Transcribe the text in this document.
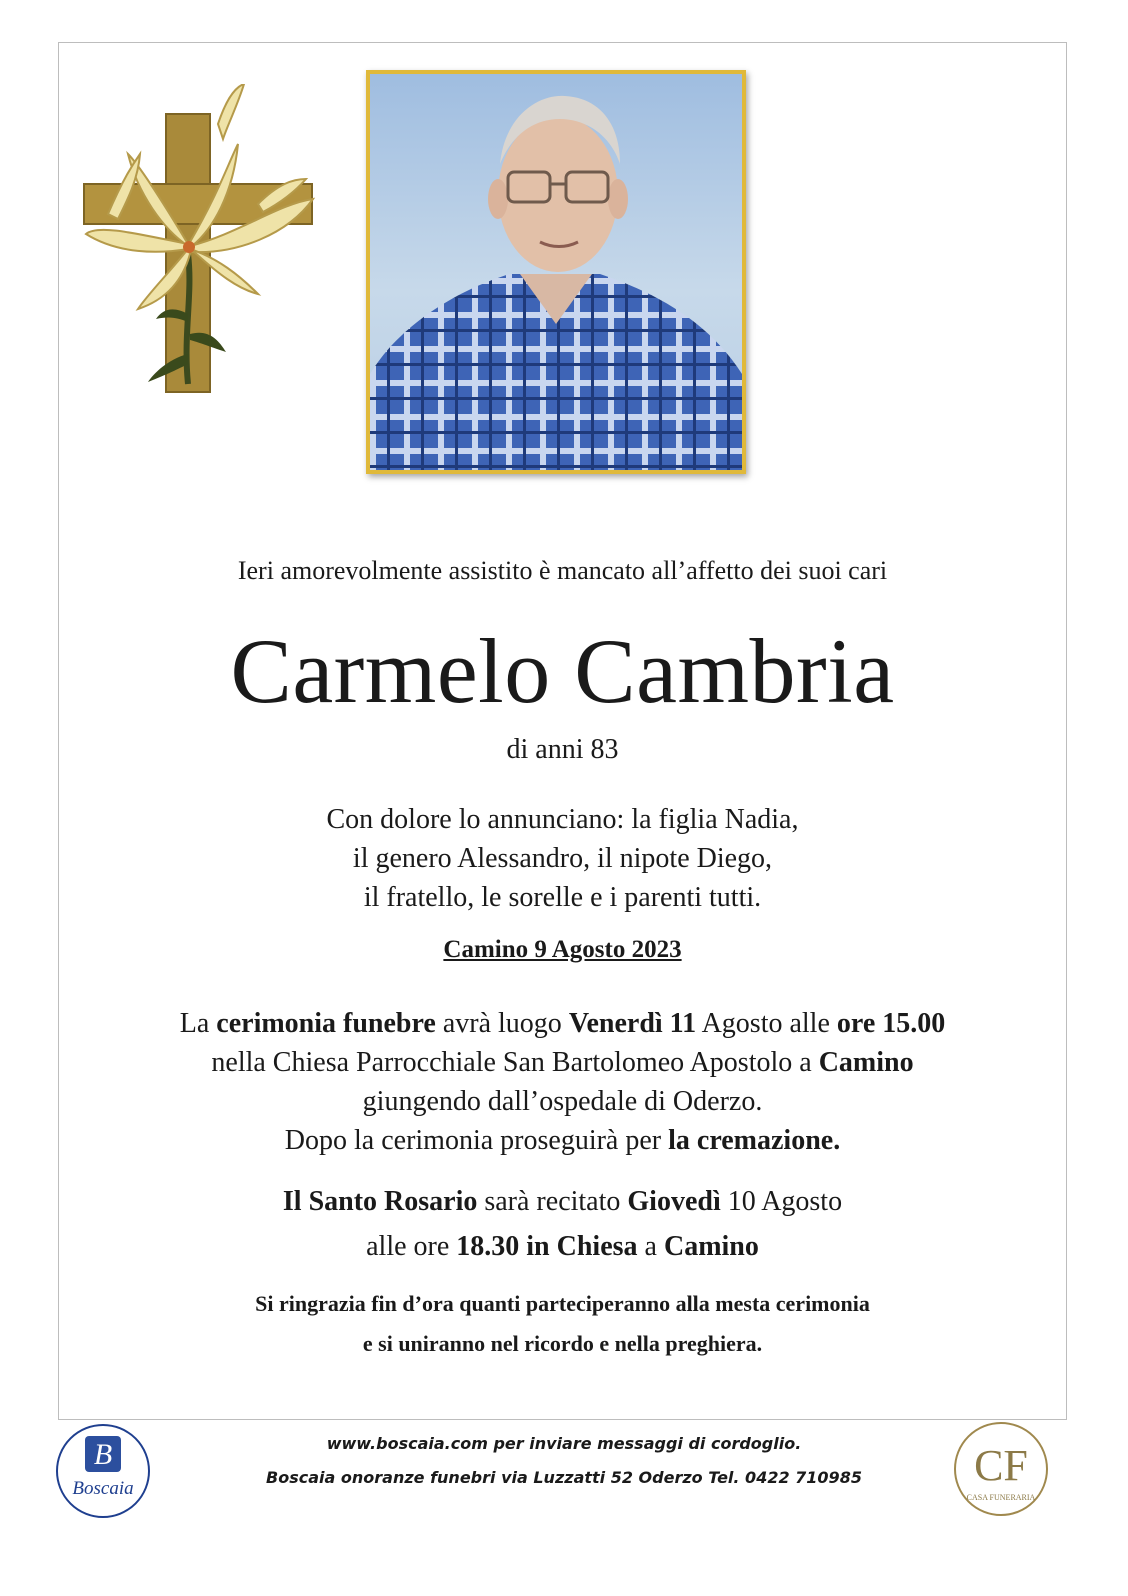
Ieri amorevolmente assistito è mancato all’affetto dei suoi cari
Carmelo Cambria
di anni 83
Con dolore lo annunciano: la figlia Nadia,
il genero Alessandro, il nipote Diego,
il fratello, le sorelle e i parenti tutti.
Camino 9 Agosto 2023
La cerimonia funebre avrà luogo Venerdì 11 Agosto alle ore 15.00
nella Chiesa Parrocchiale San Bartolomeo Apostolo a Camino
giungendo dall’ospedale di Oderzo.
Dopo la cerimonia proseguirà per la cremazione.
Il Santo Rosario sarà recitato Giovedì 10 Agosto
alle ore 18.30 in Chiesa a Camino
Si ringrazia fin d’ora quanti parteciperanno alla mesta cerimonia
e si uniranno nel ricordo e nella preghiera.
B
Boscaia
www.boscaia.com per inviare messaggi di cordoglio.
Boscaia onoranze funebri via Luzzatti 52 Oderzo Tel. 0422 710985	CF
CASA FUNERARIA
